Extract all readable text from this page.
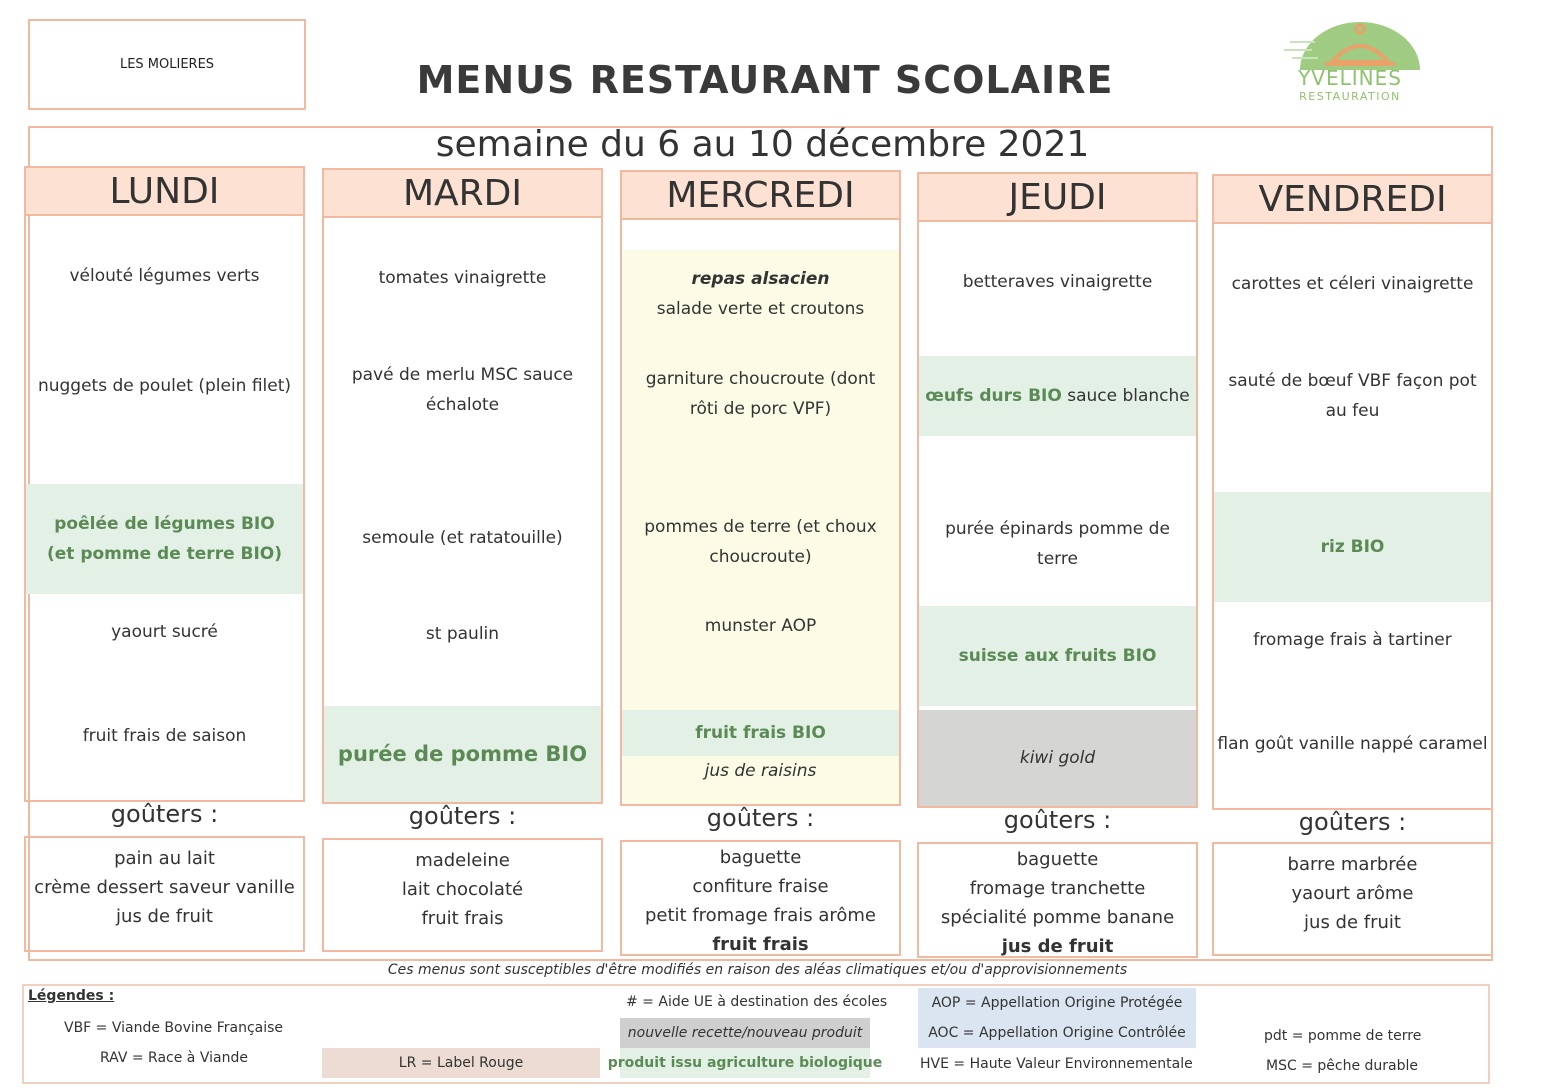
LES MOLIERES	MENUS RESTAURANT SCOLAIRE	YVELINES
RESTAURATION
semaine du 6 au 10 décembre 2021
LUNDI
vélouté légumes verts
nuggets de poulet (plein filet)
poêlée de légumes BIO (et pomme de terre BIO)
yaourt sucré
fruit frais de saison
goûters :
pain au lait
crème dessert saveur vanille
jus de fruit
MARDI
tomates vinaigrette
pavé de merlu MSC sauce échalote
semoule (et ratatouille)
st paulin
purée de pomme BIO
goûters :
madeleine
lait chocolaté
fruit frais
MERCREDI
repas alsacien
salade verte et croutons
garniture choucroute (dont rôti de porc VPF)
pommes de terre (et choux choucroute)
munster AOP
fruit frais BIO
jus de raisins
goûters :
baguette
confiture fraise
petit fromage frais arôme
fruit frais
JEUDI
betteraves vinaigrette
œufs durs BIO
sauce blanche
purée épinards pomme de terre
suisse aux fruits BIO
kiwi gold
goûters :
baguette
fromage tranchette
spécialité pomme banane
jus de fruit
VENDREDI
carottes et céleri vinaigrette
sauté de bœuf VBF façon pot au feu
riz BIO
fromage frais à tartiner
flan goût vanille nappé caramel
goûters :
barre marbrée
yaourt arôme
jus de fruit
Ces menus sont susceptibles d'être modifiés en raison des aléas climatiques et/ou d'approvisionnements
Légendes :
VBF = Viande Bovine Française
RAV = Race à Viande	LR = Label Rouge
# = Aide UE à destination des écoles
nouvelle recette/nouveau produit
produit issu agriculture biologique
AOP = Appellation Origine Protégée
AOC = Appellation Origine Contrôlée
HVE = Haute Valeur Environnementale
pdt = pomme de terre
MSC = pêche durable
